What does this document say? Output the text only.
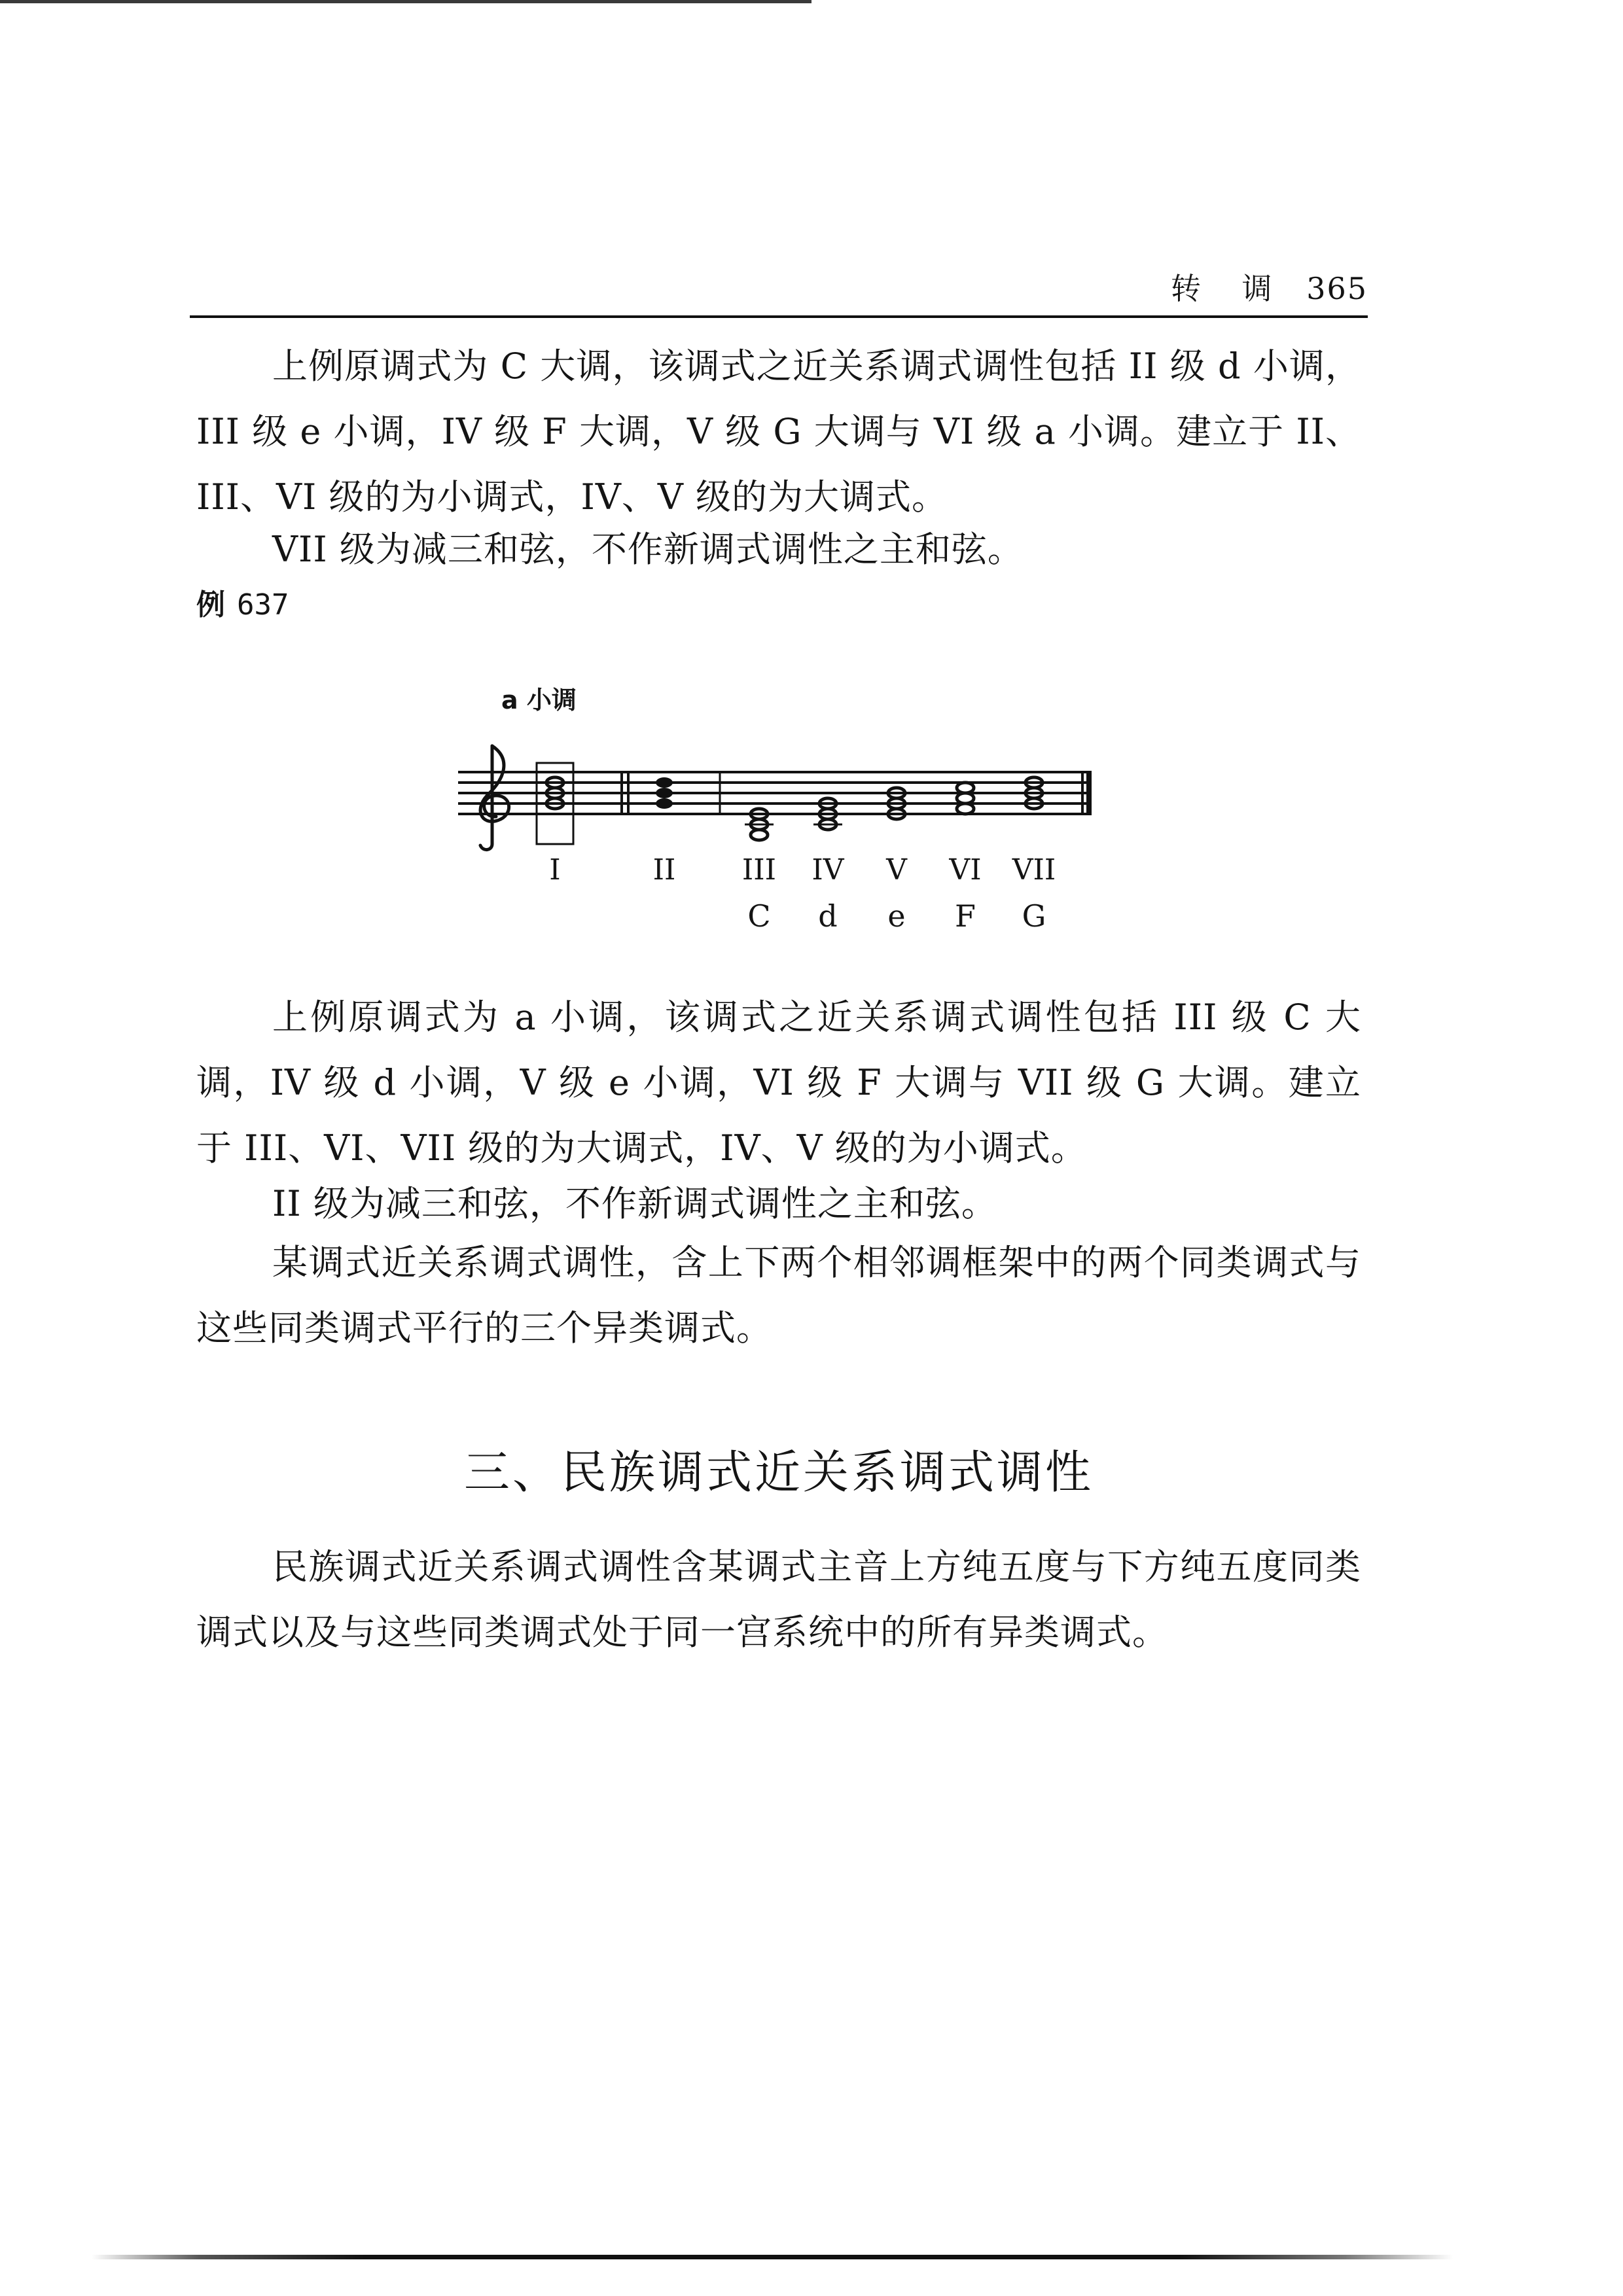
转 调 365

上例原调式为 C 大调，该调式之近关系调式调性包括 II 级 d 小调，III 级 e 小调，IV 级 F 大调，V 级 G 大调与 VI 级 a 小调。建立于 II、III、VI 级的为小调式，IV、V 级的为大调式。

VII 级为减三和弦，不作新调式调性之主和弦。

例 637
a 小调
I	II III IV V VI VII
C d e F G

上例原调式为 a 小调，该调式之近关系调式调性包括 III 级 C 大调，IV 级 d 小调，V 级 e 小调，VI 级 F 大调与 VII 级 G 大调。建立于 III、VI、VII 级的为大调式，IV、V 级的为小调式。

II 级为减三和弦，不作新调式调性之主和弦。

某调式近关系调式调性，含上下两个相邻调框架中的两个同类调式与这些同类调式平行的三个异类调式。

三、民族调式近关系调式调性

民族调式近关系调式调性含某调式主音上方纯五度与下方纯五度同类调式以及与这些同类调式处于同一宫系统中的所有异类调式。
